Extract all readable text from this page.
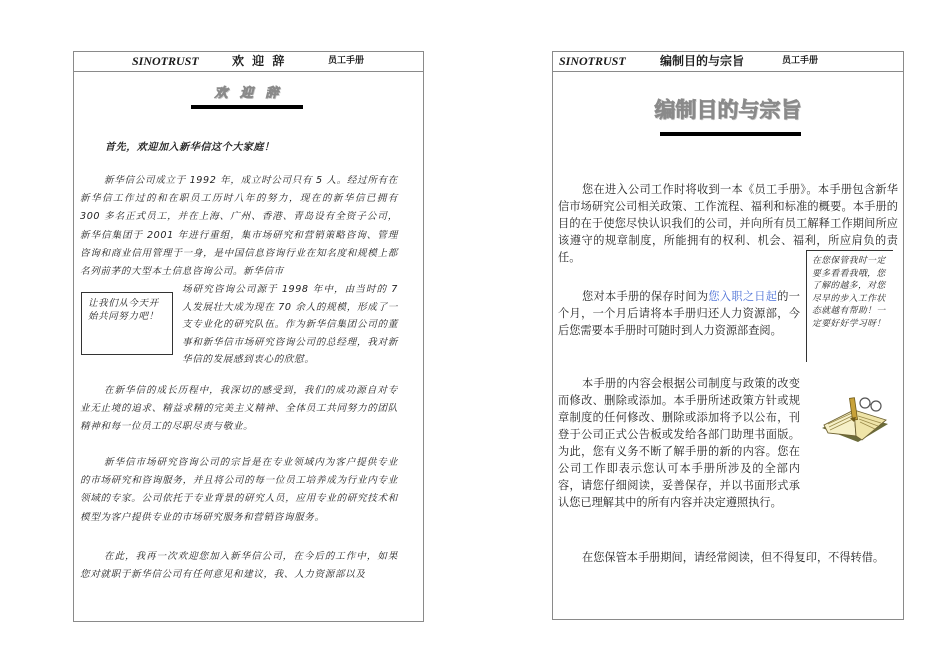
SINOTRUST	欢 迎 辞	员工手册
欢 迎 辞
首先，欢迎加入新华信这个大家庭！
新华信公司成立于 1992 年，成立时公司只有 5 人。经过所有在新华信工作过的和在职员工历时八年的努力，现在的新华信已拥有 300 多名正式员工，并在上海、广州、香港、青岛设有全资子公司，新华信集团于 2001 年进行重组，集市场研究和营销策略咨询、管理咨询和商业信用管理于一身，是中国信息咨询行业在知名度和规模上都名列前茅的大型本土信息咨询公司。新华信市
场研究咨询公司源于 1998 年中，由当时的 7 人发展壮大成为现在 70 余人的规模，形成了一支专业化的研究队伍。作为新华信集团公司的董事和新华信市场研究咨询公司的总经理，我对新华信的发展感到衷心的欣慰。
让我们从今天开始共同努力吧！
在新华信的成长历程中，我深切的感受到，我们的成功源自对专业无止境的追求、精益求精的完美主义精神、全体员工共同努力的团队精神和每一位员工的尽职尽责与敬业。
新华信市场研究咨询公司的宗旨是在专业领域内为客户提供专业的市场研究和咨询服务，并且将公司的每一位员工培养成为行业内专业领域的专家。公司依托于专业背景的研究人员，应用专业的研究技术和模型为客户提供专业的市场研究服务和营销咨询服务。
在此，我再一次欢迎您加入新华信公司，在今后的工作中，如果您对就职于新华信公司有任何意见和建议，我、人力资源部以及
SINOTRUST	编制目的与宗旨	员工手册
编制目的与宗旨

您在进入公司工作时将收到一本《员工手册》。本手册包含新华信市场研究公司相关政策、工作流程、福利和标准的概要。本手册的目的在于使您尽快认识我们的公司，并向所有员工解释工作期间所应该遵守的规章制度，所能拥有的权利、机会、福利，所应肩负的责任。

您对本手册的保存时间为您入职之日起的一个月，一个月后请将本手册归还人力资源部，今后您需要本手册时可随时到人力资源部查阅。

本手册的内容会根据公司制度与政策的改变而修改、删除或添加。本手册所述政策方针或规章制度的任何修改、删除或添加将予以公布，刊登于公司正式公告板或发给各部门助理书面版。为此，您有义务不断了解手册的新的内容。您在公司工作即表示您认可本手册所涉及的全部内容，请您仔细阅读，妥善保存，并以书面形式承认您已理解其中的所有内容并决定遵照执行。

在您保管本手册期间，请经常阅读，但不得复印，不得转借。

在您保管我时一定要多看看我哦，您了解的越多，对您尽早的步入工作状态就越有帮助！一定要好好学习呀！
